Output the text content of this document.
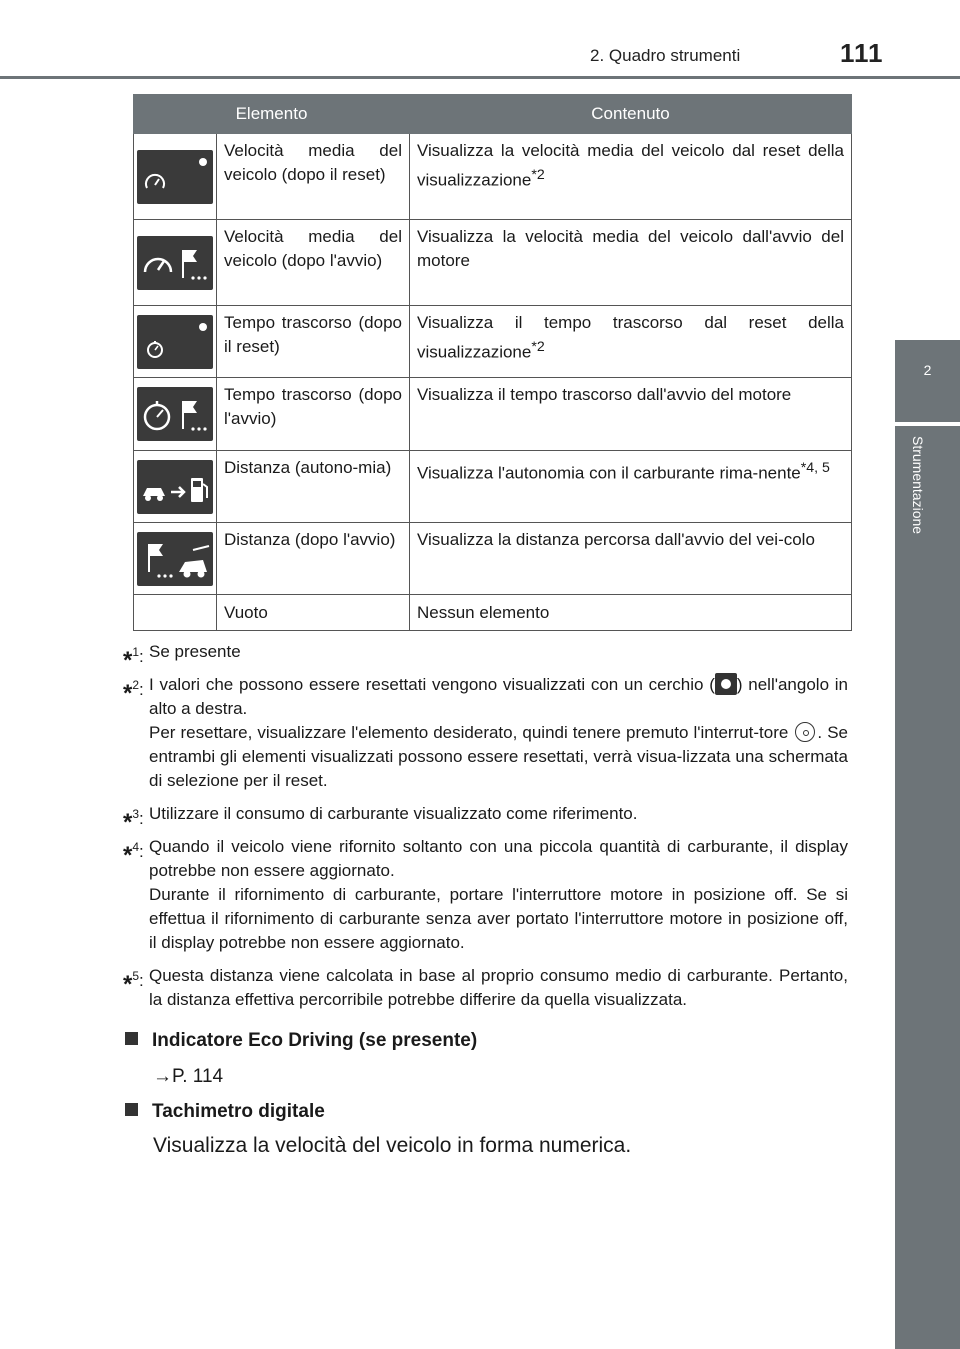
2. Quadro strumenti	111
2
Strumentazione
Elemento		Contenuto

	Velocità media del veicolo (dopo il reset)	Visualizza la velocità media del veicolo dal reset della visualizzazione$^{*2}$

	Velocità media del veicolo (dopo l'avvio)	Visualizza la velocità media del veicolo dall'avvio del motore

	Tempo trascorso (dopo il reset)	Visualizza il tempo trascorso dal reset della visualizzazione$^{*2}$

	Tempo trascorso (dopo l'avvio)	Visualizza il tempo trascorso dall'avvio del motore

	Distanza (autono-mia)	Visualizza l'autonomia con il carburante rima-nente$^{*4, 5}$

	Distanza (dopo l'avvio)	Visualizza la distanza percorsa dall'avvio del vei-colo
	Vuoto	Nessun elemento
*$^1$: Se presente

*$^2$: I valori che possono essere resettati vengono visualizzati con un cerchio ( ) nell'angolo in alto a destra.

Per resettare, visualizzare l'elemento desiderato, quindi tenere premuto l'interrut-tore . Se entrambi gli elementi visualizzati possono essere resettati, verrà visua-lizzata una schermata di selezione per il reset.

*$^3$: Utilizzare il consumo di carburante visualizzato come riferimento.

*$^4$: Quando il veicolo viene rifornito soltanto con una piccola quantità di carburante, il display potrebbe non essere aggiornato.

Durante il rifornimento di carburante, portare l'interruttore motore in posizione off. Se si effettua il rifornimento di carburante senza aver portato l'interruttore motore in posizione off, il display potrebbe non essere aggiornato.

*$^5$: Questa distanza viene calcolata in base al proprio consumo medio di carburante. Pertanto, la distanza effettiva percorribile potrebbe differire da quella visualizzata.

Indicatore Eco Driving (se presente)
→P. 114
Tachimetro digitale
Visualizza la velocità del veicolo in forma numerica.
